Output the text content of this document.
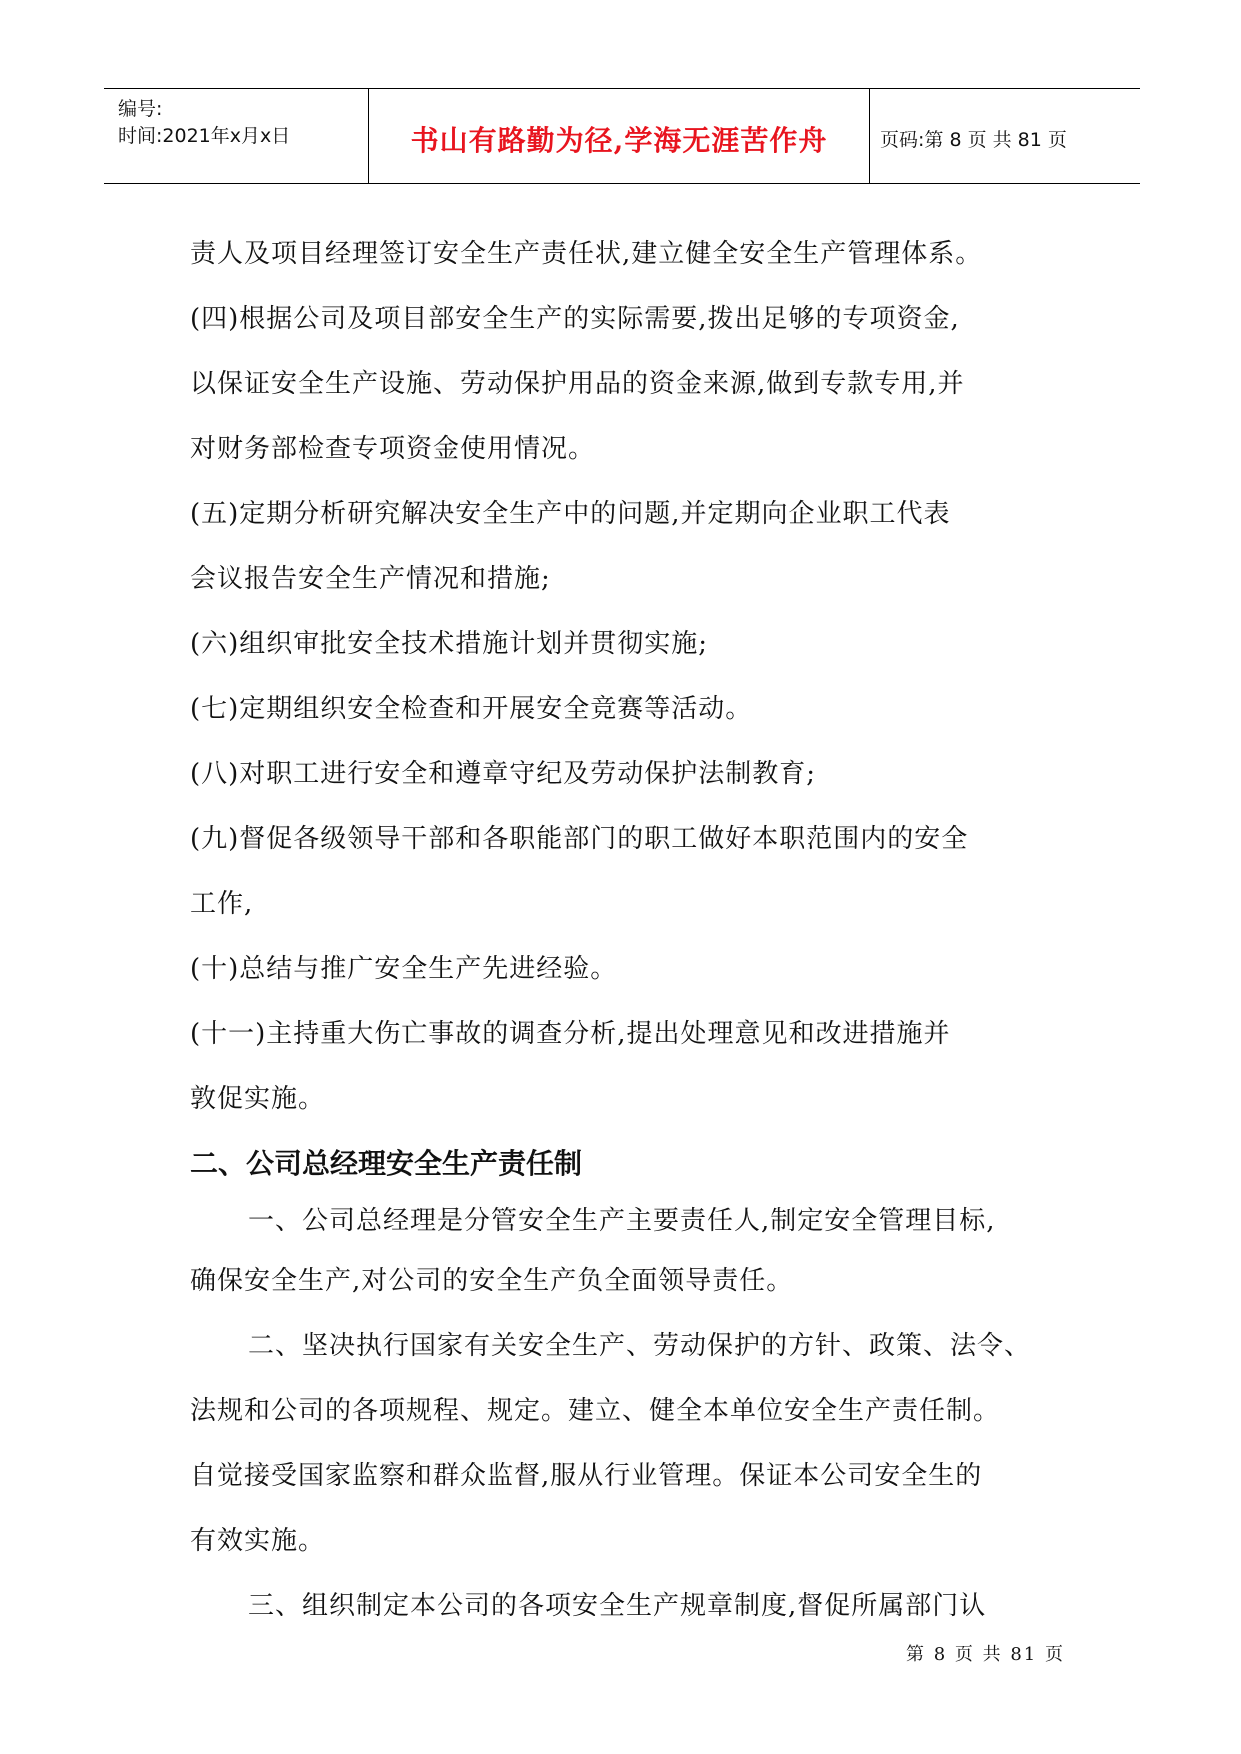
编号:
时间:2021年x月x日	书山有路勤为径,学海无涯苦作舟	页码:第 8 页 共 81 页
责人及项目经理签订安全生产责任状,建立健全安全生产管理体系。
(四)根据公司及项目部安全生产的实际需要,拨出足够的专项资金,
以保证安全生产设施、劳动保护用品的资金来源,做到专款专用,并
对财务部检查专项资金使用情况。
(五)定期分析研究解决安全生产中的问题,并定期向企业职工代表
会议报告安全生产情况和措施;
(六)组织审批安全技术措施计划并贯彻实施;
(七)定期组织安全检查和开展安全竞赛等活动。
(八)对职工进行安全和遵章守纪及劳动保护法制教育;
(九)督促各级领导干部和各职能部门的职工做好本职范围内的安全
工作,
(十)总结与推广安全生产先进经验。
(十一)主持重大伤亡事故的调查分析,提出处理意见和改进措施并
敦促实施。
二、公司总经理安全生产责任制
一、公司总经理是分管安全生产主要责任人,制定安全管理目标,
确保安全生产,对公司的安全生产负全面领导责任。
二、坚决执行国家有关安全生产、劳动保护的方针、政策、法令、
法规和公司的各项规程、规定。建立、健全本单位安全生产责任制。
自觉接受国家监察和群众监督,服从行业管理。保证本公司安全生的
有效实施。
三、组织制定本公司的各项安全生产规章制度,督促所属部门认
第 8 页 共 81 页
